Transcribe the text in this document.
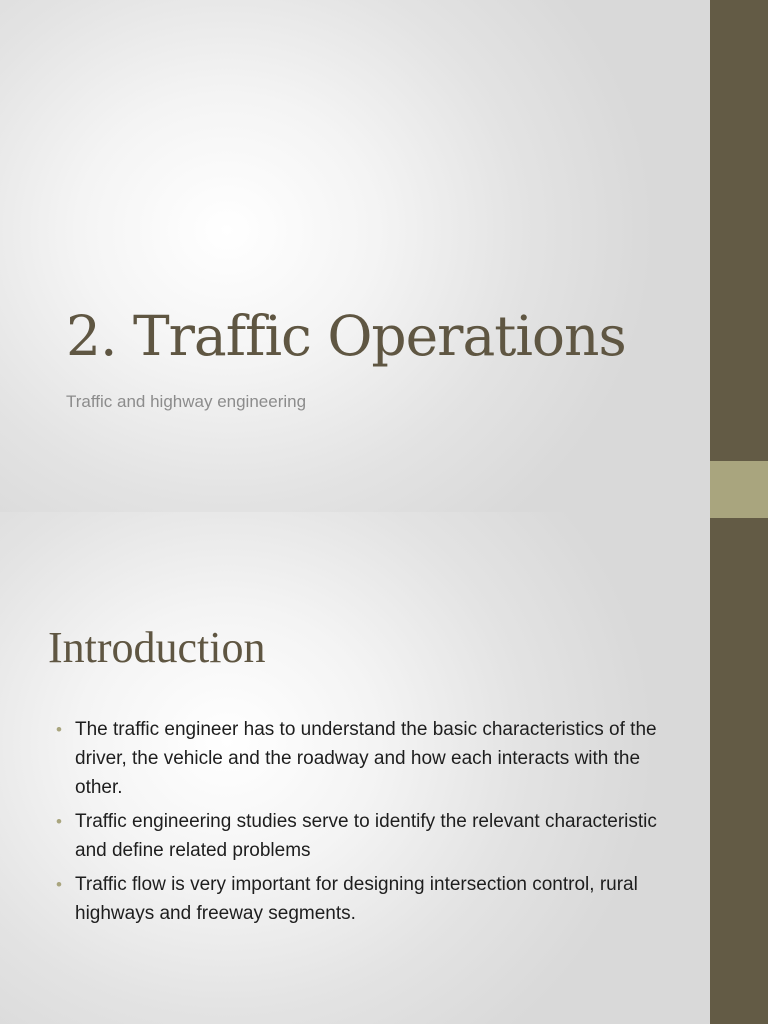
2. Traffic Operations

Traffic and highway engineering

Introduction
• The traffic engineer has to understand the basic characteristics of the driver, the vehicle and the roadway and how each interacts with the other.
• Traffic engineering studies serve to identify the relevant characteristic and define related problems
• Traffic flow is very important for designing intersection control, rural highways and freeway segments.
